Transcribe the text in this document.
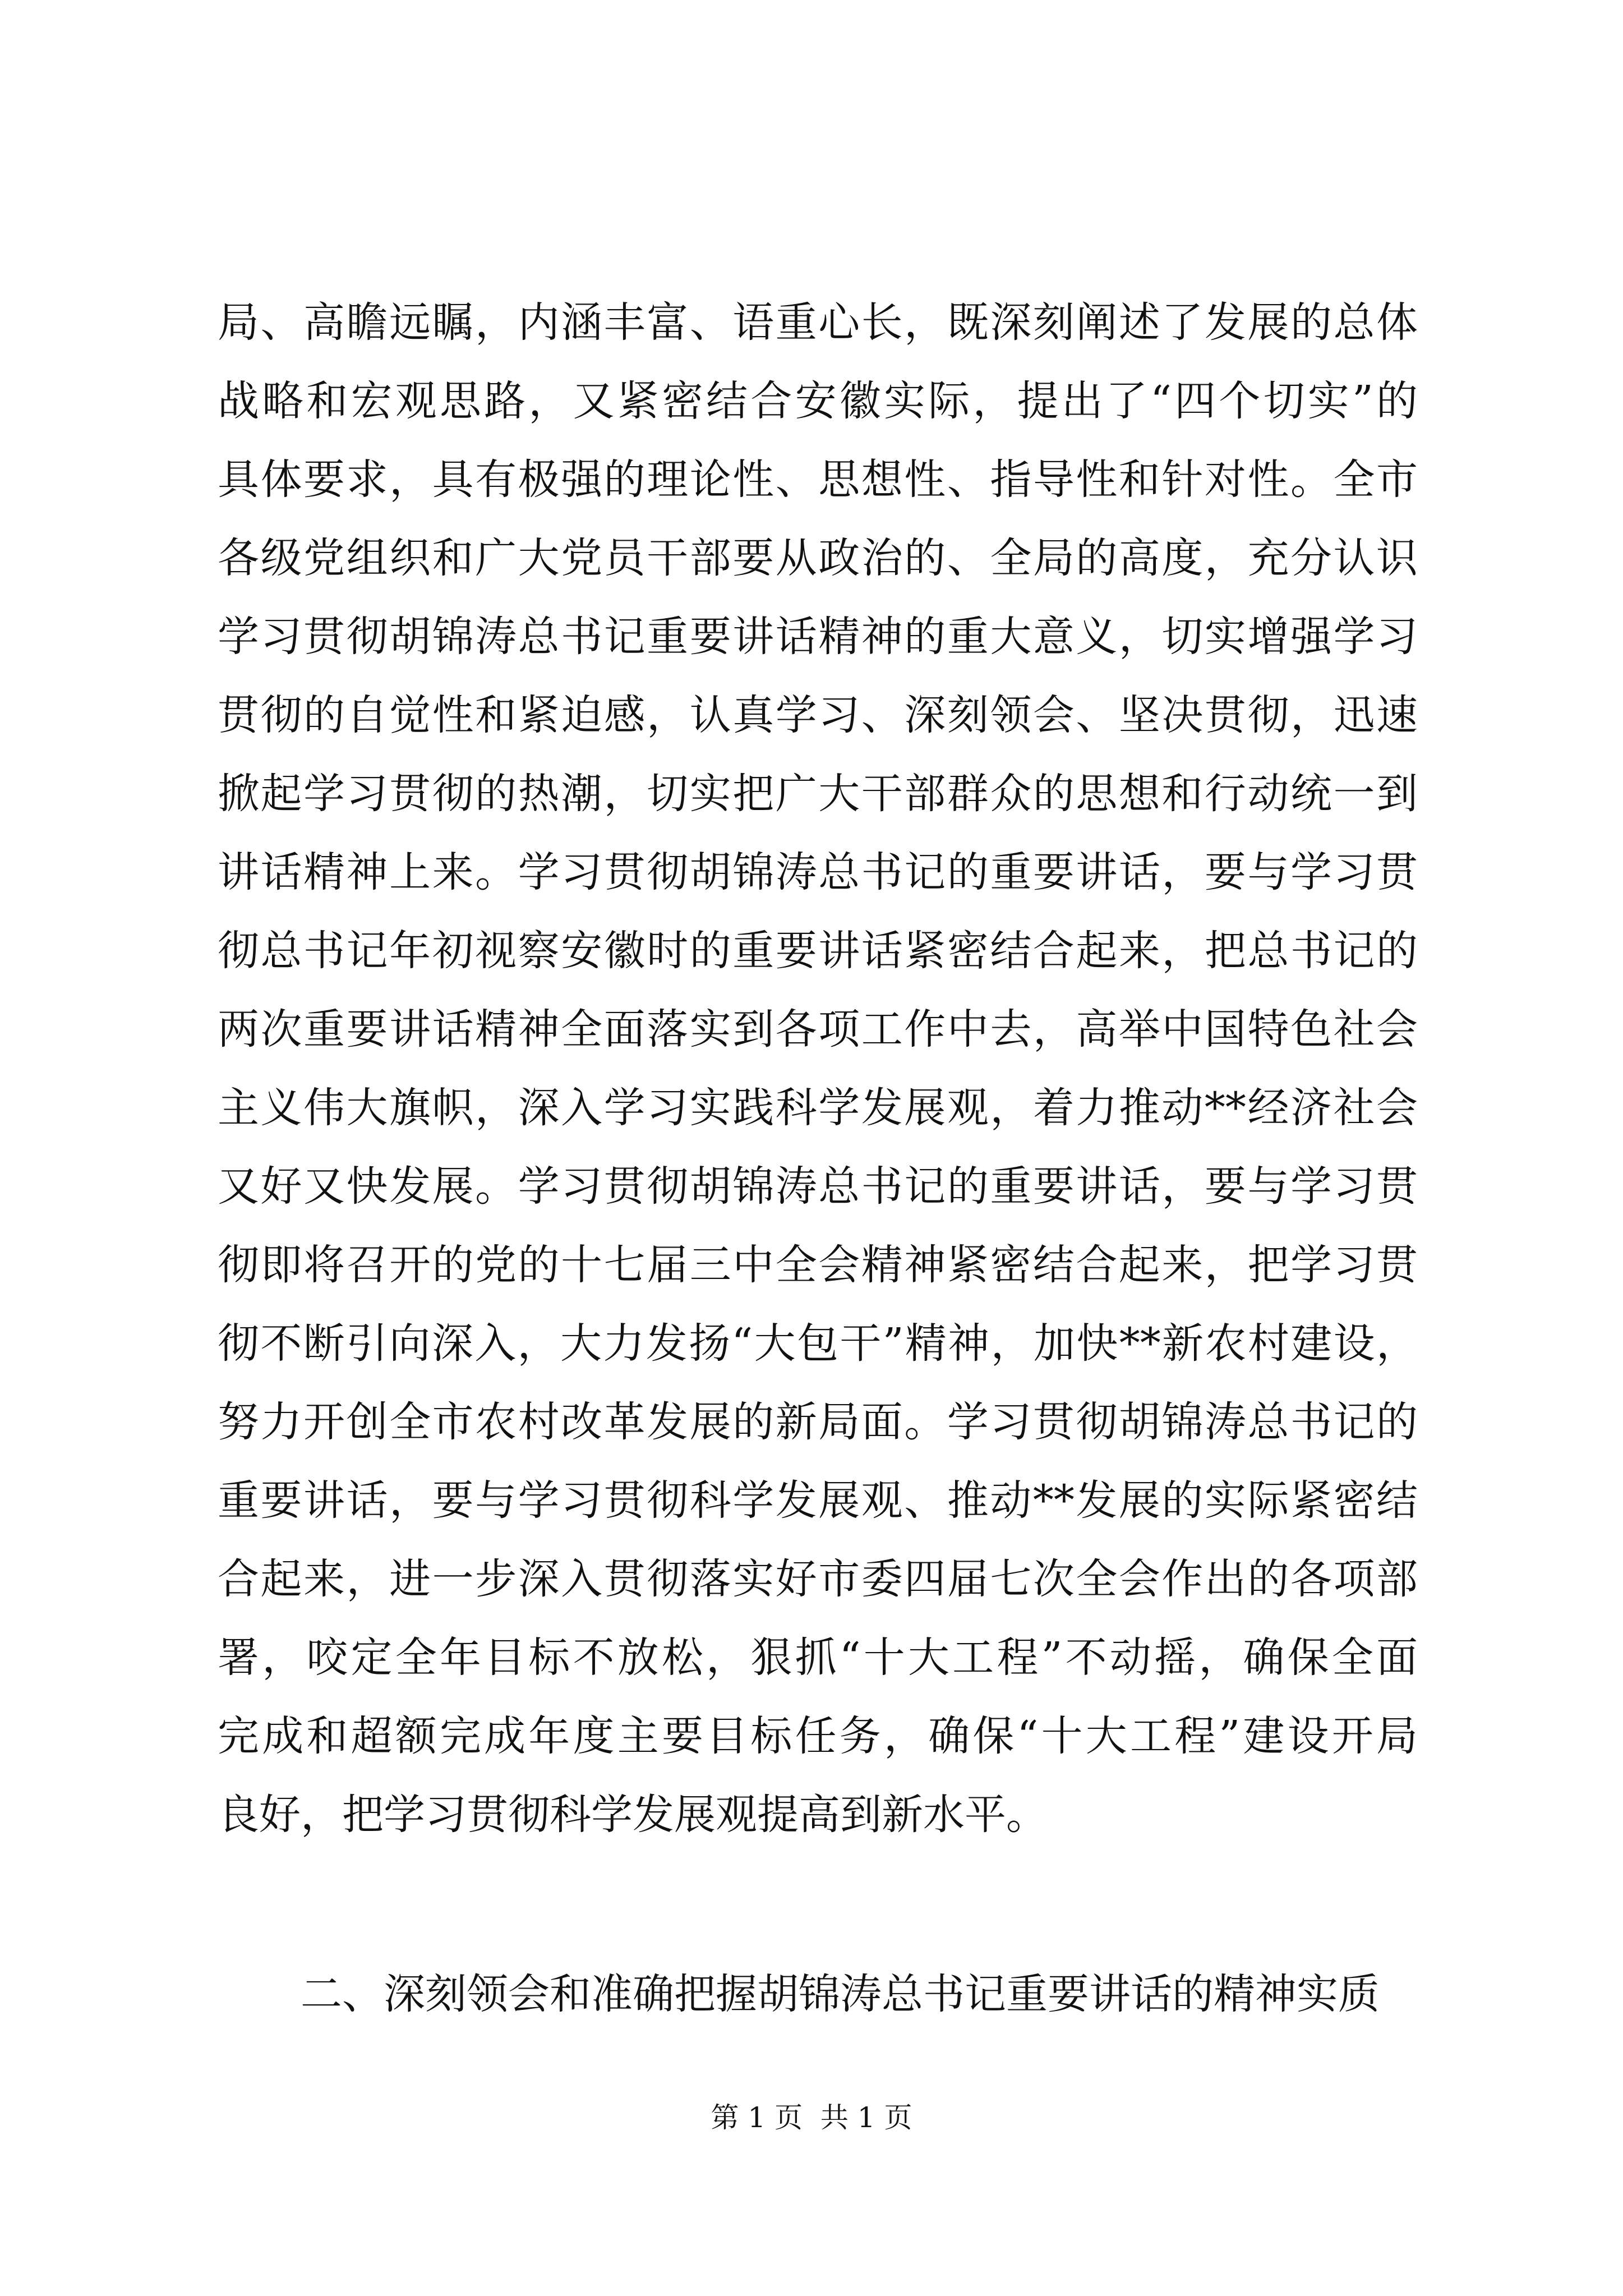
局、高瞻远瞩，内涵丰富、语重心长，既深刻阐述了发展的总体
战略和宏观思路，又紧密结合安徽实际，提出了“四个切实”的
具体要求，具有极强的理论性、思想性、指导性和针对性。全市
各级党组织和广大党员干部要从政治的、全局的高度，充分认识
学习贯彻胡锦涛总书记重要讲话精神的重大意义，切实增强学习
贯彻的自觉性和紧迫感，认真学习、深刻领会、坚决贯彻，迅速
掀起学习贯彻的热潮，切实把广大干部群众的思想和行动统一到
讲话精神上来。学习贯彻胡锦涛总书记的重要讲话，要与学习贯
彻总书记年初视察安徽时的重要讲话紧密结合起来，把总书记的
两次重要讲话精神全面落实到各项工作中去，高举中国特色社会
主义伟大旗帜，深入学习实践科学发展观，着力推动**经济社会
又好又快发展。学习贯彻胡锦涛总书记的重要讲话，要与学习贯
彻即将召开的党的十七届三中全会精神紧密结合起来，把学习贯
彻不断引向深入，大力发扬“大包干”精神，加快**新农村建设，
努力开创全市农村改革发展的新局面。学习贯彻胡锦涛总书记的
重要讲话，要与学习贯彻科学发展观、推动**发展的实际紧密结
合起来，进一步深入贯彻落实好市委四届七次全会作出的各项部
署，咬定全年目标不放松，狠抓“十大工程”不动摇，确保全面
完成和超额完成年度主要目标任务，确保“十大工程”建设开局
良好，把学习贯彻科学发展观提高到新水平。
二、深刻领会和准确把握胡锦涛总书记重要讲话的精神实质
第 1 页  共 1 页
